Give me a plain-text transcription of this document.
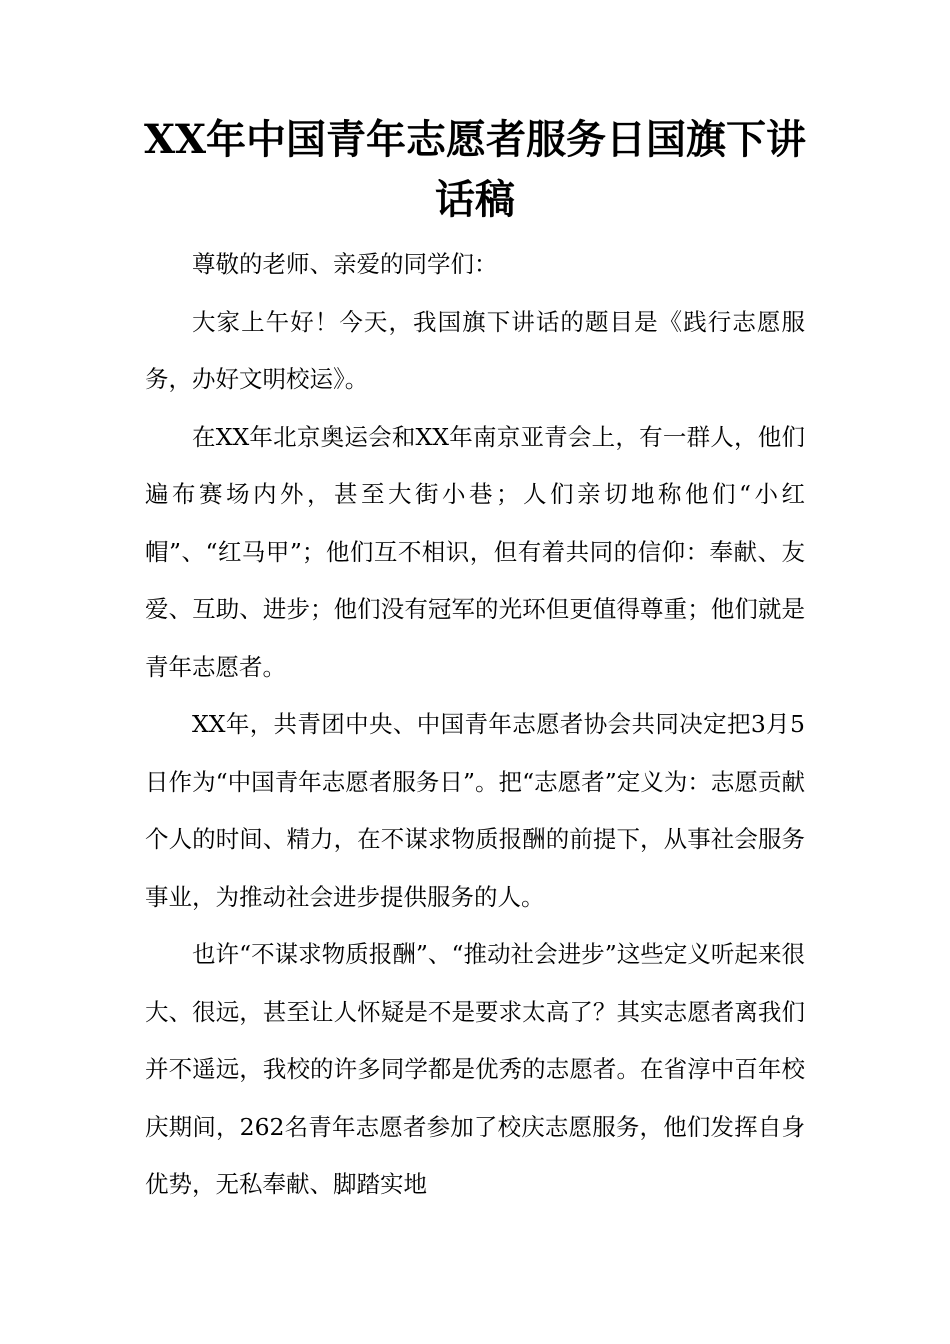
XX年中国青年志愿者服务日国旗下讲话稿

尊敬的老师、亲爱的同学们：

大家上午好！今天，我国旗下讲话的题目是《践行志愿服务，办好文明校运》。

在XX年北京奥运会和XX年南京亚青会上，有一群人，他们遍布赛场内外，甚至大街小巷；人们亲切地称他们“小红帽”、“红马甲”；他们互不相识，但有着共同的信仰：奉献、友爱、互助、进步；他们没有冠军的光环但更值得尊重；他们就是青年志愿者。

XX年，共青团中央、中国青年志愿者协会共同决定把3月5日作为“中国青年志愿者服务日”。把“志愿者”定义为：志愿贡献个人的时间、精力，在不谋求物质报酬的前提下，从事社会服务事业，为推动社会进步提供服务的人。

也许“不谋求物质报酬”、“推动社会进步”这些定义听起来很大、很远，甚至让人怀疑是不是要求太高了？其实志愿者离我们并不遥远，我校的许多同学都是优秀的志愿者。在省淳中百年校庆期间，262名青年志愿者参加了校庆志愿服务，他们发挥自身优势，无私奉献、脚踏实地
